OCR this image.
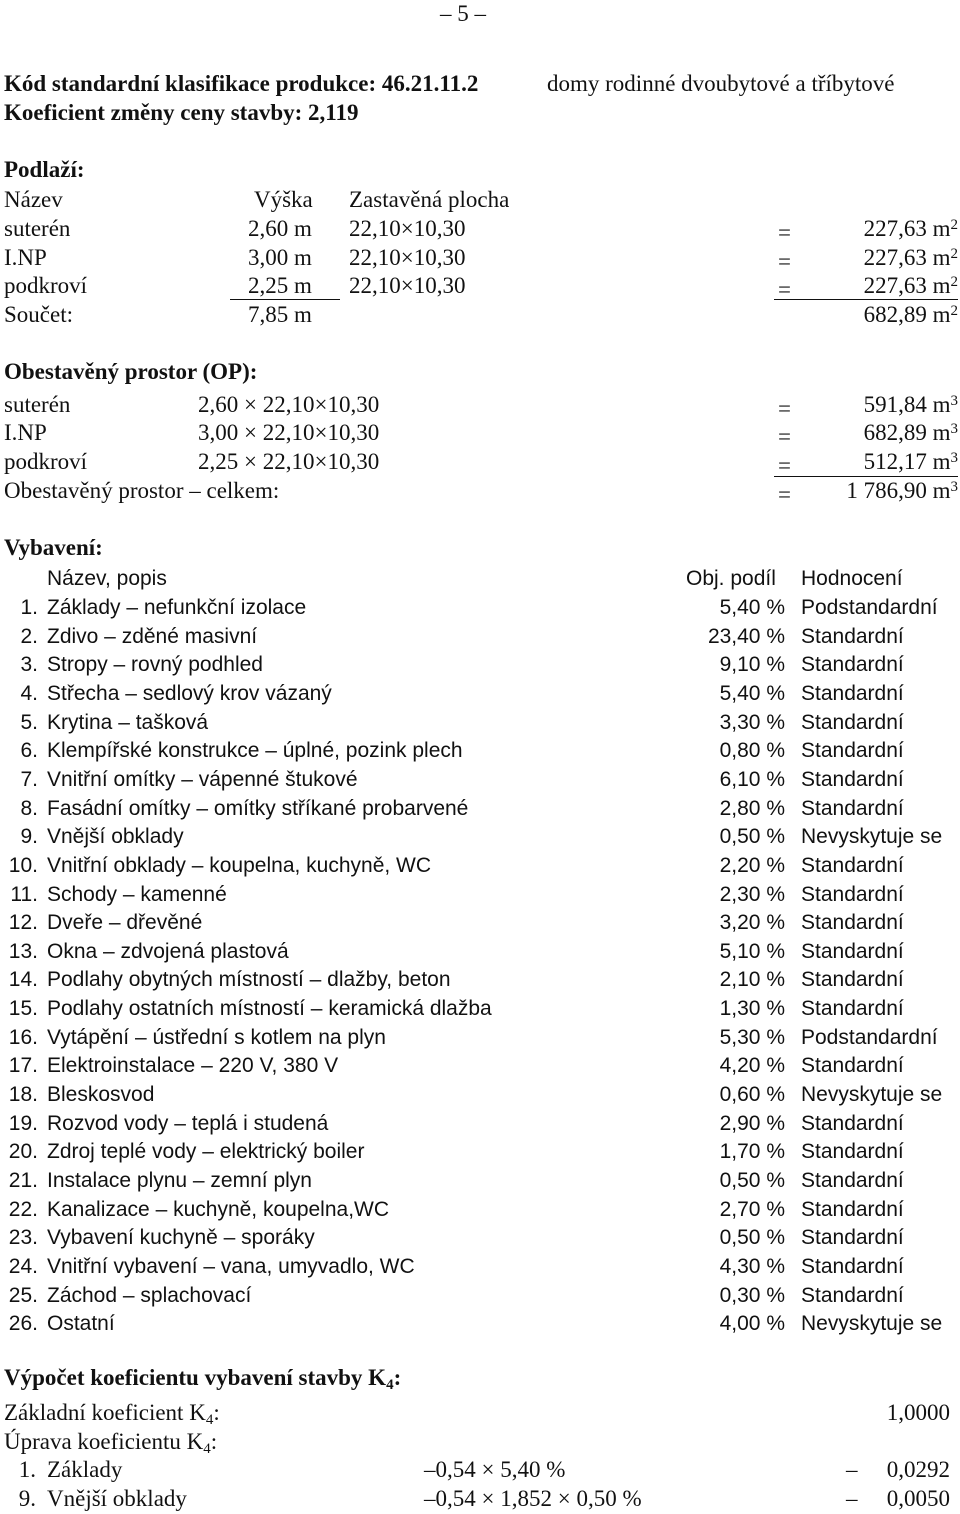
– 5 –
Kód standardní klasifikace produkce: 46.21.11.2	domy rodinné dvoubytové a tříbytové
Koeficient změny ceny stavby: 2,119
Podlaží:
Název	Výška Zastavěná plocha
suterén	2,60 m 22,10×10,30	=	227,63 $m^2$
I.NP	3,00 m 22,10×10,30	=	227,63 $m^2$
podkroví	2,25 m 22,10×10,30	=	227,63 $m^2$
Součet:	7,85 m	682,89 $m^2$
Obestavěný prostor (OP):
suterén	2,60 × 22,10×10,30	=	591,84 $m^3$
I.NP	3,00 × 22,10×10,30	=	682,89 $m^3$
podkroví	2,25 × 22,10×10,30	=	512,17 $m^3$
Obestavěný prostor – celkem:	= 1 786,90 $m^3$
Vybavení:
Název, popis	Obj. podíl Hodnocení
1. Základy – nefunkční izolace	5,40 % Podstandardní
2. Zdivo – zděné masivní	23,40 % Standardní
3. Stropy – rovný podhled	9,10 % Standardní
4. Střecha – sedlový krov vázaný	5,40 % Standardní
5. Krytina – tašková	3,30 % Standardní
6. Klempířské konstrukce – úplné, pozink plech	0,80 % Standardní
7. Vnitřní omítky – vápenné štukové	6,10 % Standardní
8. Fasádní omítky – omítky stříkané probarvené	2,80 % Standardní
9. Vnější obklady	0,50 % Nevyskytuje se
10. Vnitřní obklady – koupelna, kuchyně, WC	2,20 % Standardní
11. Schody – kamenné	2,30 % Standardní
12. Dveře – dřevěné	3,20 % Standardní
13. Okna – zdvojená plastová	5,10 % Standardní
14. Podlahy obytných místností – dlažby, beton	2,10 % Standardní
15. Podlahy ostatních místností – keramická dlažba	1,30 % Standardní
16. Vytápění – ústřední s kotlem na plyn	5,30 % Podstandardní
17. Elektroinstalace – 220 V, 380 V	4,20 % Standardní
18. Bleskosvod	0,60 % Nevyskytuje se
19. Rozvod vody – teplá i studená	2,90 % Standardní
20. Zdroj teplé vody – elektrický boiler	1,70 % Standardní
21. Instalace plynu – zemní plyn	0,50 % Standardní
22. Kanalizace – kuchyně, koupelna,WC	2,70 % Standardní
23. Vybavení kuchyně – sporáky	0,50 % Standardní
24. Vnitřní vybavení – vana, umyvadlo, WC	4,30 % Standardní
25. Záchod – splachovací	0,30 % Standardní
26. Ostatní	4,00 % Nevyskytuje se
Výpočet koeficientu vybavení stavby $K_4$:
Základní koeficient $K_4$:	1,0000
Úprava koeficientu $K_4$:
1. Základy	–0,54 × 5,40 %	– 0,0292
9. Vnější obklady	–0,54 × 1,852 × 0,50 %	– 0,0050
